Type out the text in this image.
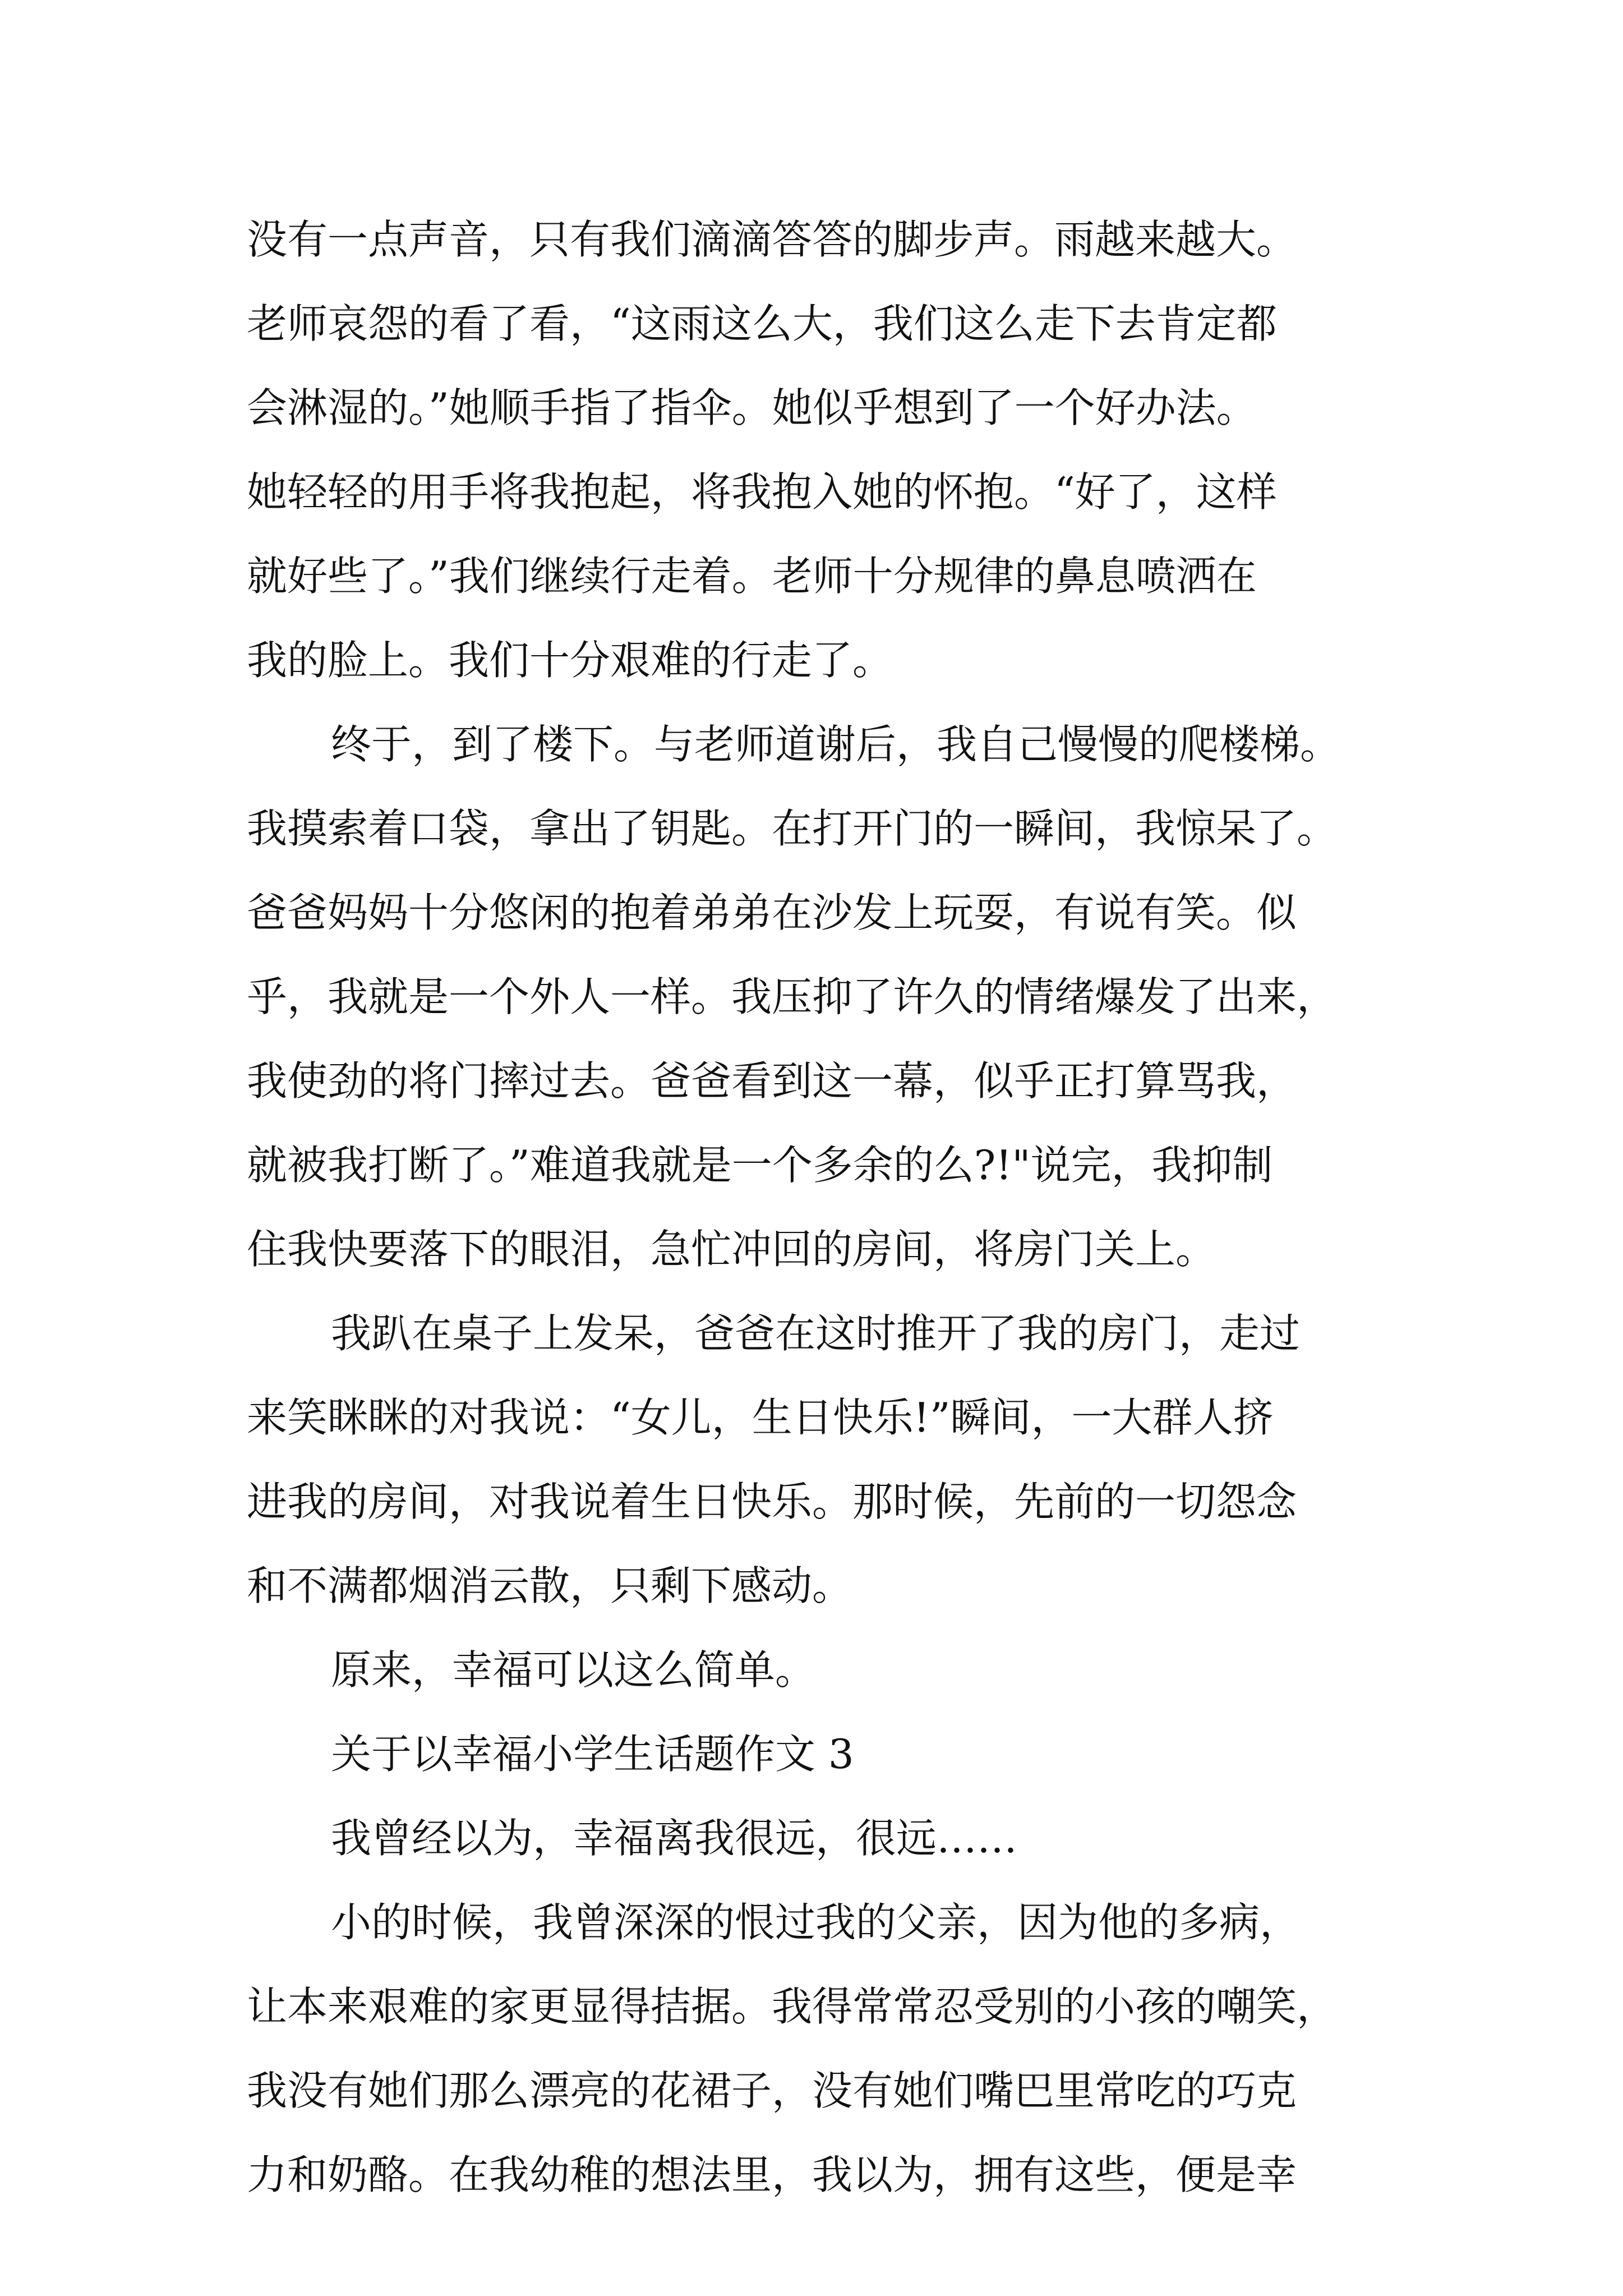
没有一点声音，只有我们滴滴答答的脚步声。雨越来越大。
老师哀怨的看了看，“这雨这么大，我们这么走下去肯定都
会淋湿的。”她顺手指了指伞。她似乎想到了一个好办法。
她轻轻的用手将我抱起，将我抱入她的怀抱。“好了，这样
就好些了。”我们继续行走着。老师十分规律的鼻息喷洒在
我的脸上。我们十分艰难的行走了。
终于，到了楼下。与老师道谢后，我自己慢慢的爬楼梯。
我摸索着口袋，拿出了钥匙。在打开门的一瞬间，我惊呆了。
爸爸妈妈十分悠闲的抱着弟弟在沙发上玩耍，有说有笑。似
乎，我就是一个外人一样。我压抑了许久的情绪爆发了出来，
我使劲的将门摔过去。爸爸看到这一幕，似乎正打算骂我，
就被我打断了。”难道我就是一个多余的么?!"说完，我抑制
住我快要落下的眼泪，急忙冲回的房间，将房门关上。
我趴在桌子上发呆，爸爸在这时推开了我的房门，走过
来笑眯眯的对我说：“女儿，生日快乐!”瞬间，一大群人挤
进我的房间，对我说着生日快乐。那时候，先前的一切怨念
和不满都烟消云散，只剩下感动。
原来，幸福可以这么简单。
关于以幸福小学生话题作文 3
我曾经以为，幸福离我很远，很远……
小的时候，我曾深深的恨过我的父亲，因为他的多病，
让本来艰难的家更显得拮据。我得常常忍受别的小孩的嘲笑，
我没有她们那么漂亮的花裙子，没有她们嘴巴里常吃的巧克
力和奶酪。在我幼稚的想法里，我以为，拥有这些，便是幸
